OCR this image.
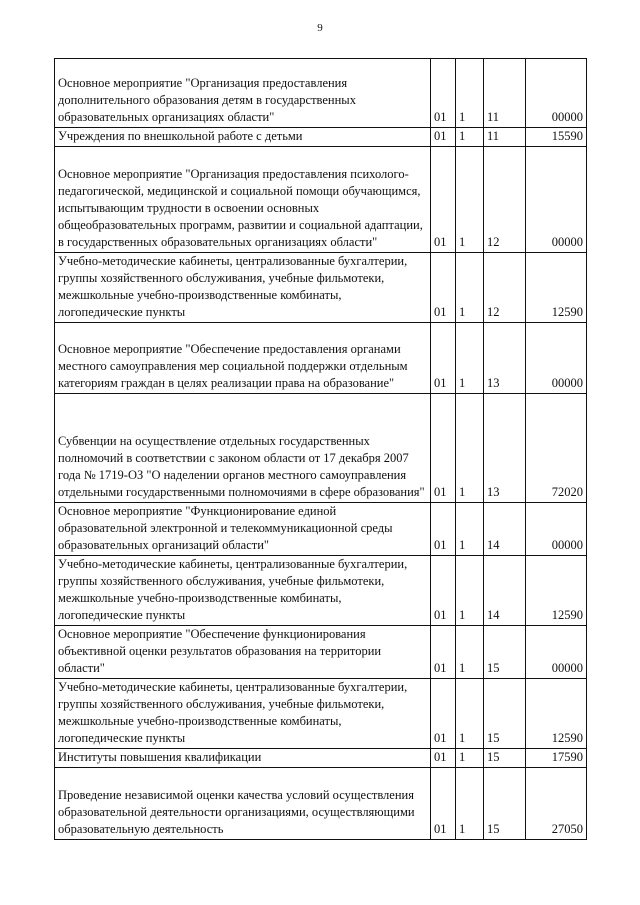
9
Основное мероприятие "Организация предоставления дополнительного образования детям в государственных образовательных организациях области"	01	1	11	00000
Учреждения по внешкольной работе с детьми	01	1	11	15590
Основное мероприятие "Организация предоставления психолого-педагогической, медицинской и социальной помощи обучающимся, испытывающим трудности в освоении основных общеобразовательных программ, развитии и социальной адаптации, в государственных образовательных организациях области"	01	1	12	00000
Учебно-методические кабинеты, централизованные бухгалтерии, группы хозяйственного обслуживания, учебные фильмотеки, межшкольные учебно-производственные комбинаты, логопедические пункты	01	1	12	12590
Основное мероприятие "Обеспечение предоставления органами местного самоуправления мер социальной поддержки отдельным категориям граждан в целях реализации права на образование"	01	1	13	00000
Субвенции на осуществление отдельных государственных полномочий в соответствии с законом области от 17 декабря 2007 года № 1719-ОЗ "О наделении органов местного самоуправления отдельными государственными полномочиями в сфере образования"	01	1	13	72020
Основное мероприятие "Функционирование единой образовательной электронной и телекоммуникационной среды образовательных организаций области"	01	1	14	00000
Учебно-методические кабинеты, централизованные бухгалтерии, группы хозяйственного обслуживания, учебные фильмотеки, межшкольные учебно-производственные комбинаты, логопедические пункты	01	1	14	12590
Основное мероприятие "Обеспечение функционирования объективной оценки результатов образования на территории области"	01	1	15	00000
Учебно-методические кабинеты, централизованные бухгалтерии, группы хозяйственного обслуживания, учебные фильмотеки, межшкольные учебно-производственные комбинаты, логопедические пункты	01	1	15	12590
Институты повышения квалификации	01	1	15	17590
Проведение независимой оценки качества условий осуществления образовательной деятельности организациями, осуществляющими образовательную деятельность	01	1	15	27050
